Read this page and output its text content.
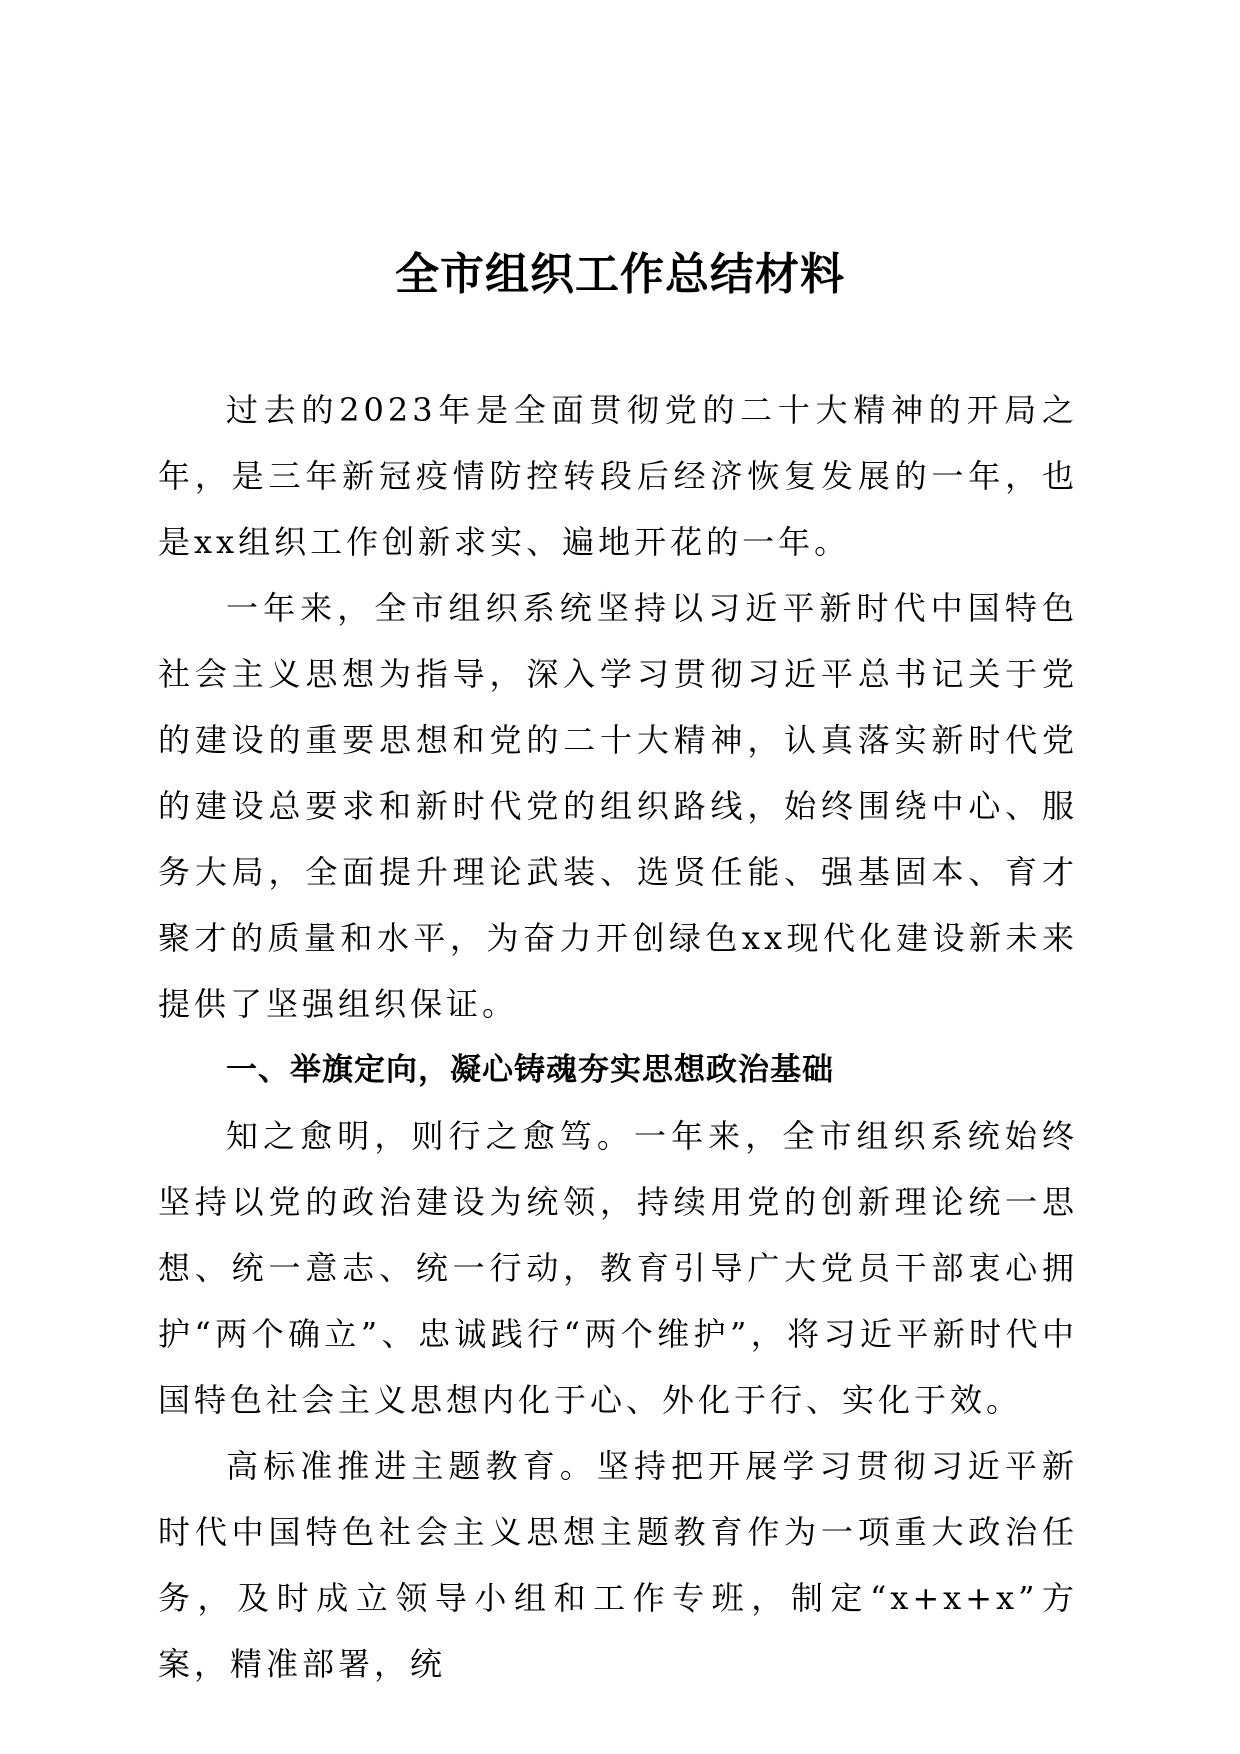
全市组织工作总结材料

过去的2023年是全面贯彻党的二十大精神的开局之年，是三年新冠疫情防控转段后经济恢复发展的一年，也是xx组织工作创新求实、遍地开花的一年。

一年来，全市组织系统坚持以习近平新时代中国特色社会主义思想为指导，深入学习贯彻习近平总书记关于党的建设的重要思想和党的二十大精神，认真落实新时代党的建设总要求和新时代党的组织路线，始终围绕中心、服务大局，全面提升理论武装、选贤任能、强基固本、育才聚才的质量和水平，为奋力开创绿色xx现代化建设新未来提供了坚强组织保证。

一、举旗定向，凝心铸魂夯实思想政治基础

知之愈明，则行之愈笃。一年来，全市组织系统始终坚持以党的政治建设为统领，持续用党的创新理论统一思想、统一意志、统一行动，教育引导广大党员干部衷心拥护“两个确立”、忠诚践行“两个维护”，将习近平新时代中国特色社会主义思想内化于心、外化于行、实化于效。

高标准推进主题教育。坚持把开展学习贯彻习近平新时代中国特色社会主义思想主题教育作为一项重大政治任务，及时成立领导小组和工作专班，制定“x+x+x”方案，精准部署，统
